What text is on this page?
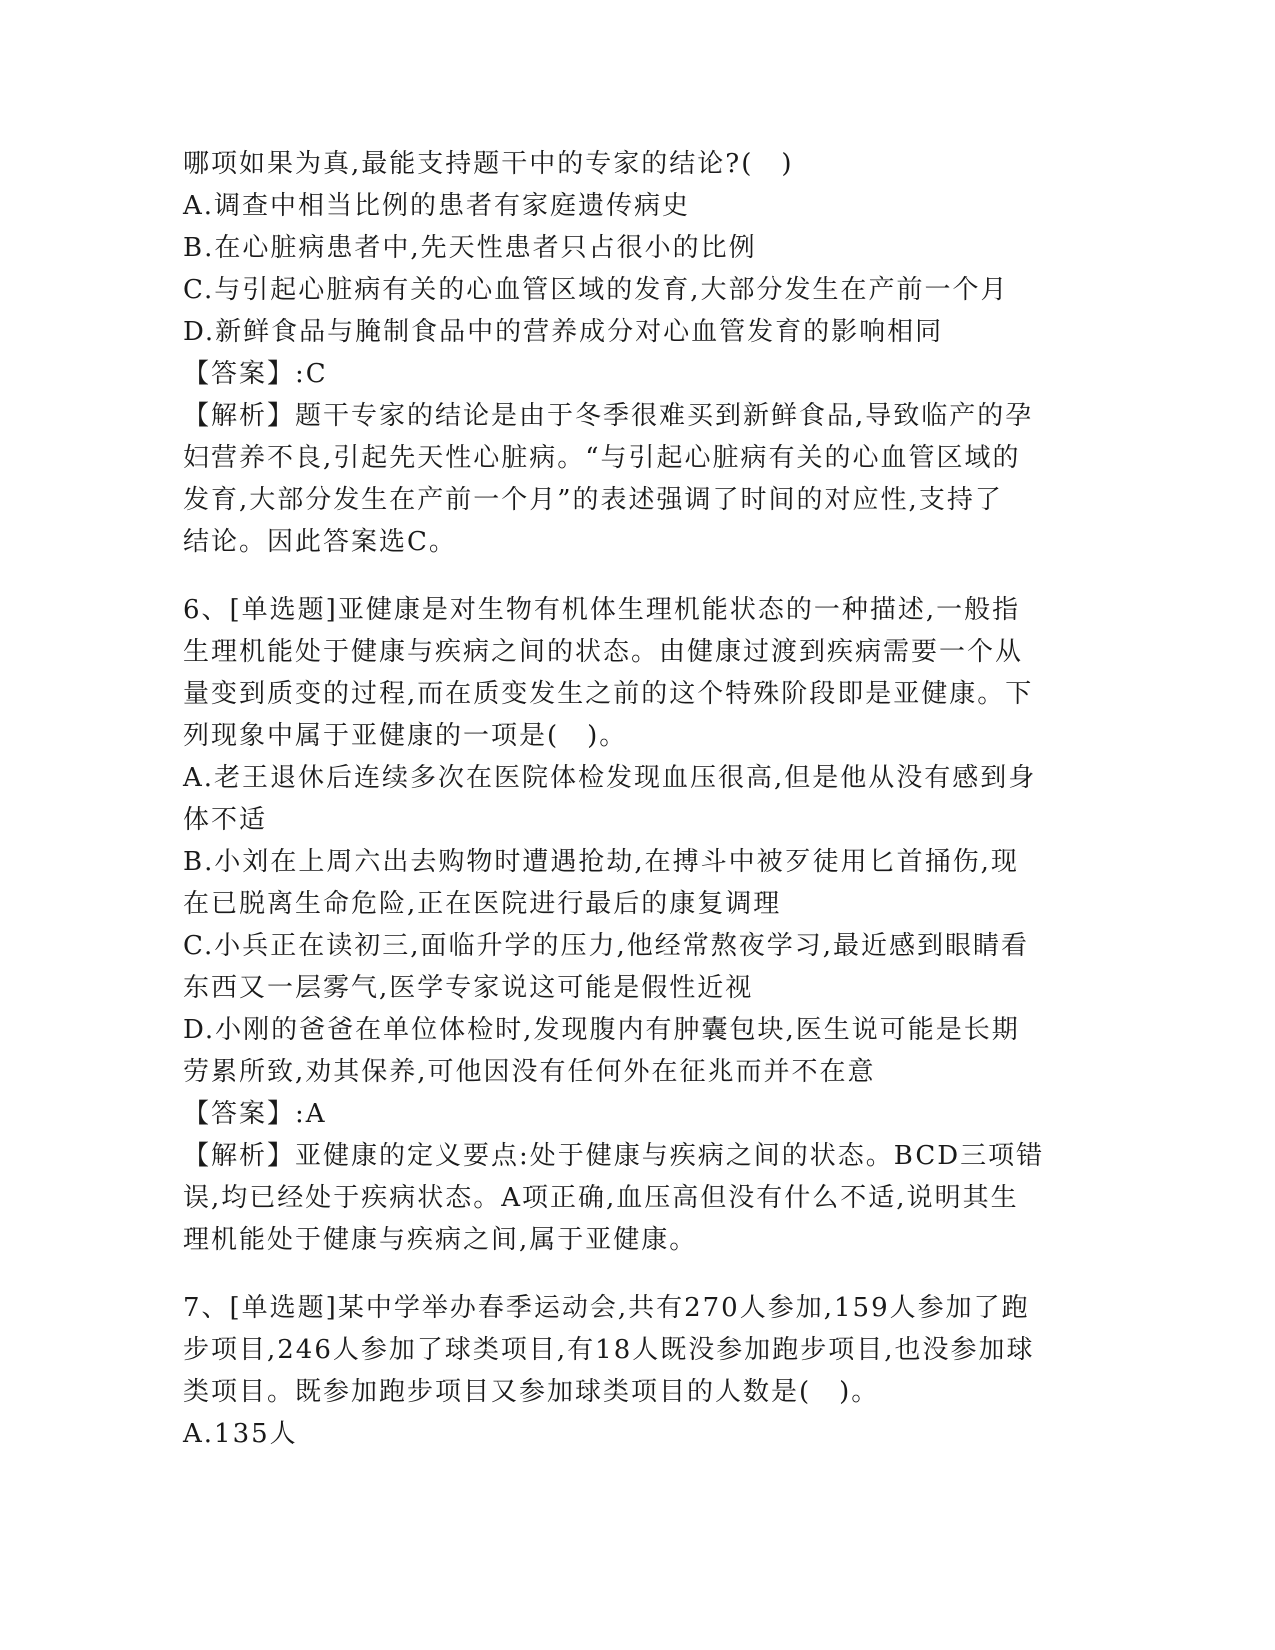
哪项如果为真,最能支持题干中的专家的结论?(　)
A.调查中相当比例的患者有家庭遗传病史
B.在心脏病患者中,先天性患者只占很小的比例
C.与引起心脏病有关的心血管区域的发育,大部分发生在产前一个月
D.新鲜食品与腌制食品中的营养成分对心血管发育的影响相同
【答案】:C
【解析】题干专家的结论是由于冬季很难买到新鲜食品,导致临产的孕
妇营养不良,引起先天性心脏病。“与引起心脏病有关的心血管区域的
发育,大部分发生在产前一个月”的表述强调了时间的对应性,支持了
结论。因此答案选C。
6、[单选题]亚健康是对生物有机体生理机能状态的一种描述,一般指
生理机能处于健康与疾病之间的状态。由健康过渡到疾病需要一个从
量变到质变的过程,而在质变发生之前的这个特殊阶段即是亚健康。下
列现象中属于亚健康的一项是(　)。
A.老王退休后连续多次在医院体检发现血压很高,但是他从没有感到身
体不适
B.小刘在上周六出去购物时遭遇抢劫,在搏斗中被歹徒用匕首捅伤,现
在已脱离生命危险,正在医院进行最后的康复调理
C.小兵正在读初三,面临升学的压力,他经常熬夜学习,最近感到眼睛看
东西又一层雾气,医学专家说这可能是假性近视
D.小刚的爸爸在单位体检时,发现腹内有肿囊包块,医生说可能是长期
劳累所致,劝其保养,可他因没有任何外在征兆而并不在意
【答案】:A
【解析】亚健康的定义要点:处于健康与疾病之间的状态。BCD三项错
误,均已经处于疾病状态。A项正确,血压高但没有什么不适,说明其生
理机能处于健康与疾病之间,属于亚健康。
7、[单选题]某中学举办春季运动会,共有270人参加,159人参加了跑
步项目,246人参加了球类项目,有18人既没参加跑步项目,也没参加球
类项目。既参加跑步项目又参加球类项目的人数是(　)。
A.135人
